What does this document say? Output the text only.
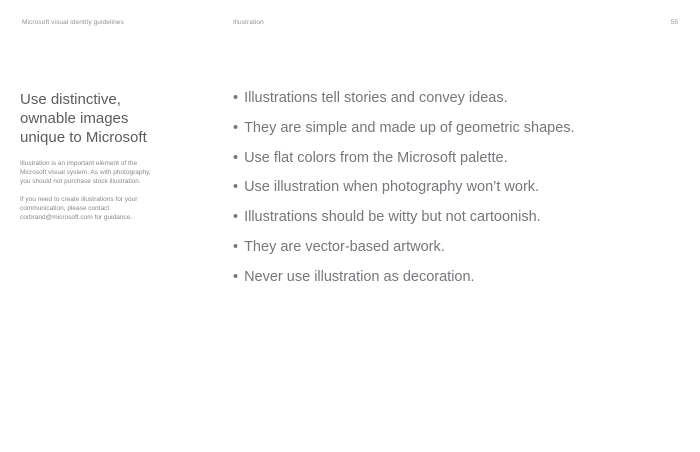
Microsoft visual identity guidelines	Illustration	55
Use distinctive,
ownable images
unique to Microsoft

Illustration is an important element of the Microsoft visual system. As with photography, you should not purchase stock illustration.

If you need to create illustrations for your communication, please contact corbrand@microsoft.com for guidance.

• Illustrations tell stories and convey ideas.
• They are simple and made up of geometric shapes.
• Use flat colors from the Microsoft palette.
• Use illustration when photography won’t work.
• Illustrations should be witty but not cartoonish.
• They are vector-based artwork.
• Never use illustration as decoration.
